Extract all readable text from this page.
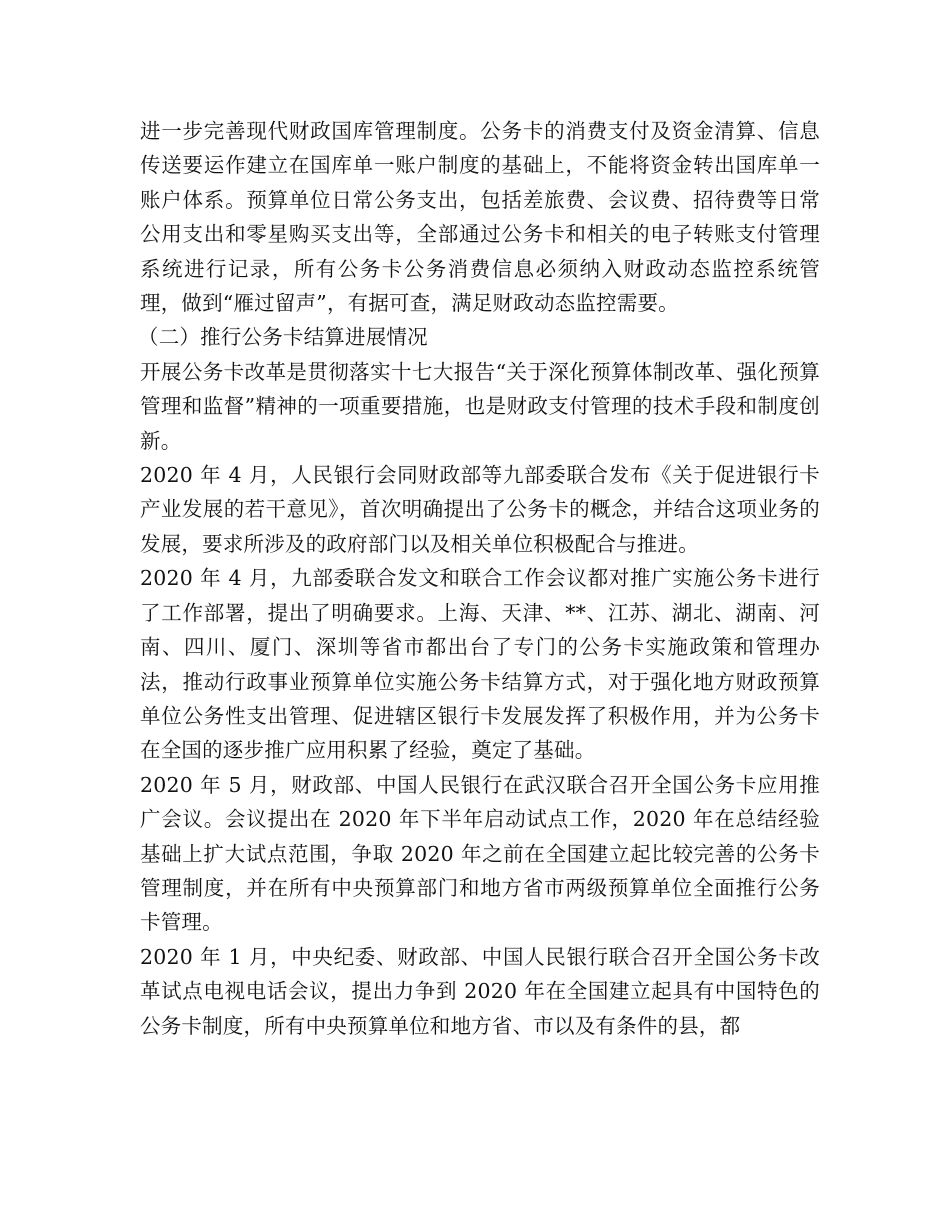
进一步完善现代财政国库管理制度。公务卡的消费支付及资金清算、信息传送要运作建立在国库单一账户制度的基础上，不能将资金转出国库单一账户体系。预算单位日常公务支出，包括差旅费、会议费、招待费等日常公用支出和零星购买支出等，全部通过公务卡和相关的电子转账支付管理系统进行记录，所有公务卡公务消费信息必须纳入财政动态监控系统管理，做到“雁过留声”，有据可查，满足财政动态监控需要。

（二）推行公务卡结算进展情况

开展公务卡改革是贯彻落实十七大报告“关于深化预算体制改革、强化预算管理和监督”精神的一项重要措施，也是财政支付管理的技术手段和制度创新。

2020 年 4 月，人民银行会同财政部等九部委联合发布《关于促进银行卡产业发展的若干意见》，首次明确提出了公务卡的概念，并结合这项业务的发展，要求所涉及的政府部门以及相关单位积极配合与推进。

2020 年 4 月，九部委联合发文和联合工作会议都对推广实施公务卡进行了工作部署，提出了明确要求。上海、天津、**、江苏、湖北、湖南、河南、四川、厦门、深圳等省市都出台了专门的公务卡实施政策和管理办法，推动行政事业预算单位实施公务卡结算方式，对于强化地方财政预算单位公务性支出管理、促进辖区银行卡发展发挥了积极作用，并为公务卡在全国的逐步推广应用积累了经验，奠定了基础。

2020 年 5 月，财政部、中国人民银行在武汉联合召开全国公务卡应用推广会议。会议提出在 2020 年下半年启动试点工作，2020 年在总结经验基础上扩大试点范围，争取 2020 年之前在全国建立起比较完善的公务卡管理制度，并在所有中央预算部门和地方省市两级预算单位全面推行公务卡管理。

2020 年 1 月，中央纪委、财政部、中国人民银行联合召开全国公务卡改革试点电视电话会议，提出力争到 2020 年在全国建立起具有中国特色的公务卡制度，所有中央预算单位和地方省、市以及有条件的县，都
